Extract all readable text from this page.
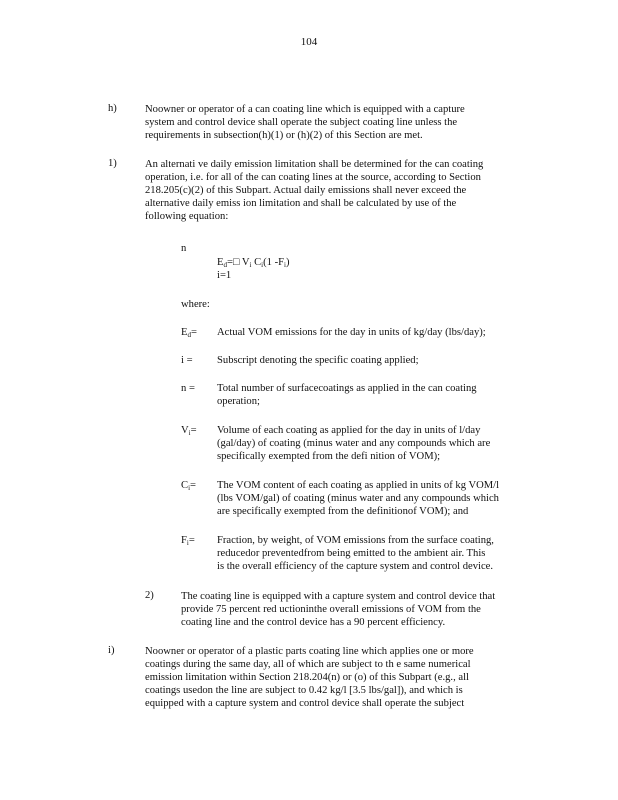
104
h)	Noowner or operator of a can coating line which is equipped with a capture
system and control device shall operate the subject coating line unless the
requirements in subsection(h)(1) or (h)(2) of this Section are met.
1)	An alternati ve daily emission limitation shall be determined for the can coating
operation, i.e. for all of the can coating lines at the source, according to Section
218.205(c)(2) of this Subpart. Actual daily emissions shall never exceed the
alternative daily emiss ion limitation and shall be calculated by use of the
following equation:
n
$E_d=□$ $V_i$ $C_i(1$ $-F_i$)
i=1
where:
$E_d=$ Actual VOM emissions for the day in units of kg/day (lbs/day);
i = Subscript denoting the specific coating applied;
n = Total number of surfacecoatings as applied in the can coating
operation;
$V_i=$ Volume of each coating as applied for the day in units of l/day
(gal/day) of coating (minus water and any compounds which are
specifically exempted from the defi nition of VOM);
$C_i=$ The VOM content of each coating as applied in units of kg VOM/l
(lbs VOM/gal) of coating (minus water and any compounds which
are specifically exempted from the definitionof VOM); and
$F_i=$ Fraction, by weight, of VOM emissions from the surface coating,
reducedor preventedfrom being emitted to the ambient air. This
is the overall efficiency of the capture system and control device.
2)	The coating line is equipped with a capture system and control device that
provide 75 percent red uctioninthe overall emissions of VOM from the
coating line and the control device has a 90 percent efficiency.
i)	Noowner or operator of a plastic parts coating line which applies one or more
coatings during the same day, all of which are subject to th e same numerical
emission limitation within Section 218.204(n) or (o) of this Subpart (e.g., all
coatings usedon the line are subject to 0.42 kg/l [3.5 lbs/gal]), and which is
equipped with a capture system and control device shall operate the subject
